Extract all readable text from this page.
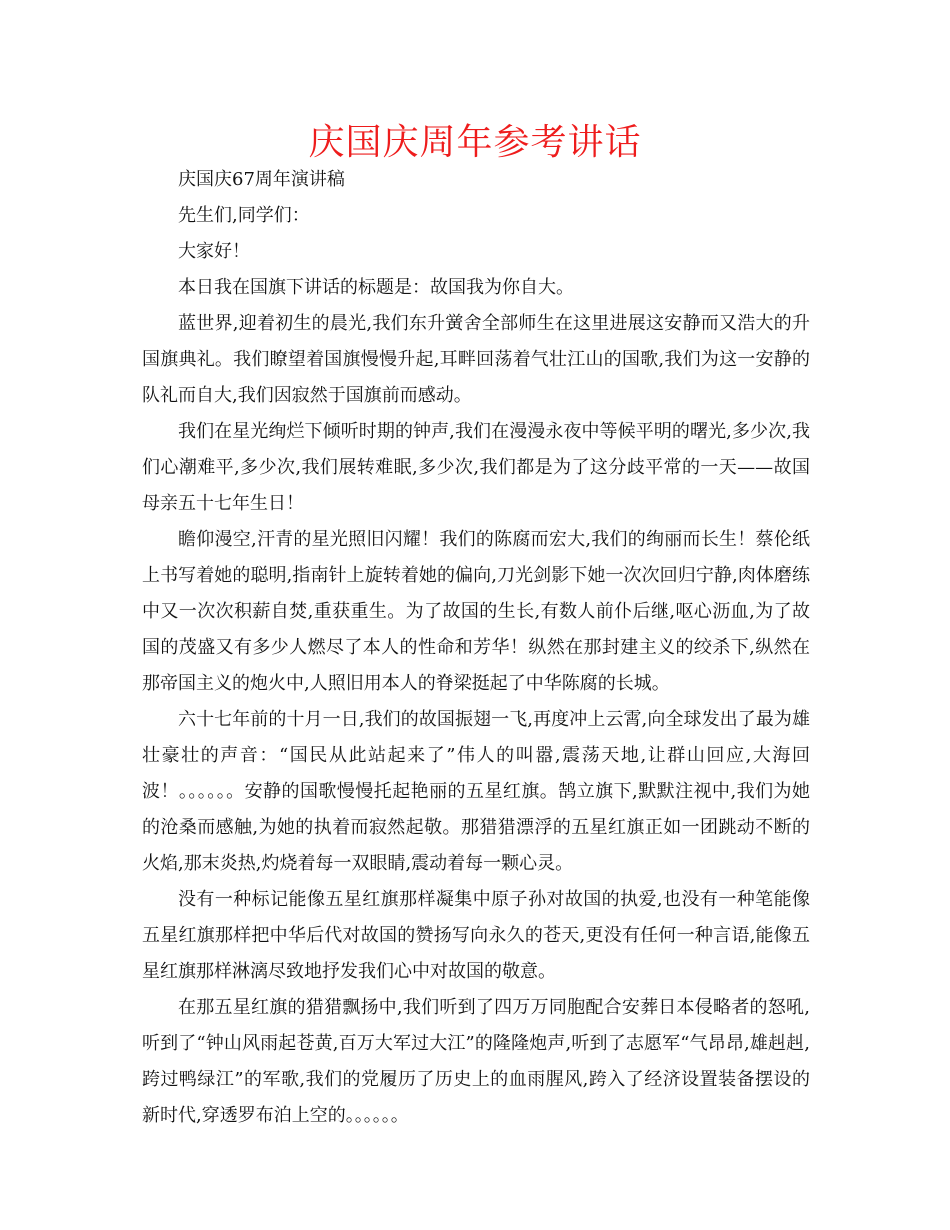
庆国庆周年参考讲话

庆国庆67周年演讲稿

先生们,同学们：

大家好！

本日我在国旗下讲话的标题是：故国我为你自大。

蓝世界,迎着初生的晨光,我们东升黉舍全部师生在这里进展这安静而又浩大的升国旗典礼。我们瞭望着国旗慢慢升起,耳畔回荡着气壮江山的国歌,我们为这一安静的队礼而自大,我们因寂然于国旗前而感动。

我们在星光绚烂下倾听时期的钟声,我们在漫漫永夜中等候平明的曙光,多少次,我们心潮难平,多少次,我们展转难眠,多少次,我们都是为了这分歧平常的一天——故国母亲五十七年生日！

瞻仰漫空,汗青的星光照旧闪耀！我们的陈腐而宏大,我们的绚丽而长生！蔡伦纸上书写着她的聪明,指南针上旋转着她的偏向,刀光剑影下她一次次回归宁静,肉体磨练中又一次次积薪自焚,重获重生。为了故国的生长,有数人前仆后继,呕心沥血,为了故国的茂盛又有多少人燃尽了本人的性命和芳华！纵然在那封建主义的绞杀下,纵然在那帝国主义的炮火中,人照旧用本人的脊梁挺起了中华陈腐的长城。

六十七年前的十月一日,我们的故国振翅一飞,再度冲上云霄,向全球发出了最为雄壮豪壮的声音：“国民从此站起来了”伟人的叫嚣,震荡天地,让群山回应,大海回波！。。。。。。安静的国歌慢慢托起艳丽的五星红旗。鹄立旗下,默默注视中,我们为她的沧桑而感触,为她的执着而寂然起敬。那猎猎漂浮的五星红旗正如一团跳动不断的火焰,那末炎热,灼烧着每一双眼睛,震动着每一颗心灵。

没有一种标记能像五星红旗那样凝集中原子孙对故国的执爱,也没有一种笔能像五星红旗那样把中华后代对故国的赞扬写向永久的苍天,更没有任何一种言语,能像五星红旗那样淋漓尽致地抒发我们心中对故国的敬意。

在那五星红旗的猎猎飘扬中,我们听到了四万万同胞配合安葬日本侵略者的怒吼,听到了“钟山风雨起苍黄,百万大军过大江”的隆隆炮声,听到了志愿军“气昂昂,雄赳赳,跨过鸭绿江”的军歌,我们的党履历了历史上的血雨腥风,跨入了经济设置装备摆设的新时代,穿透罗布泊上空的。。。。。。
